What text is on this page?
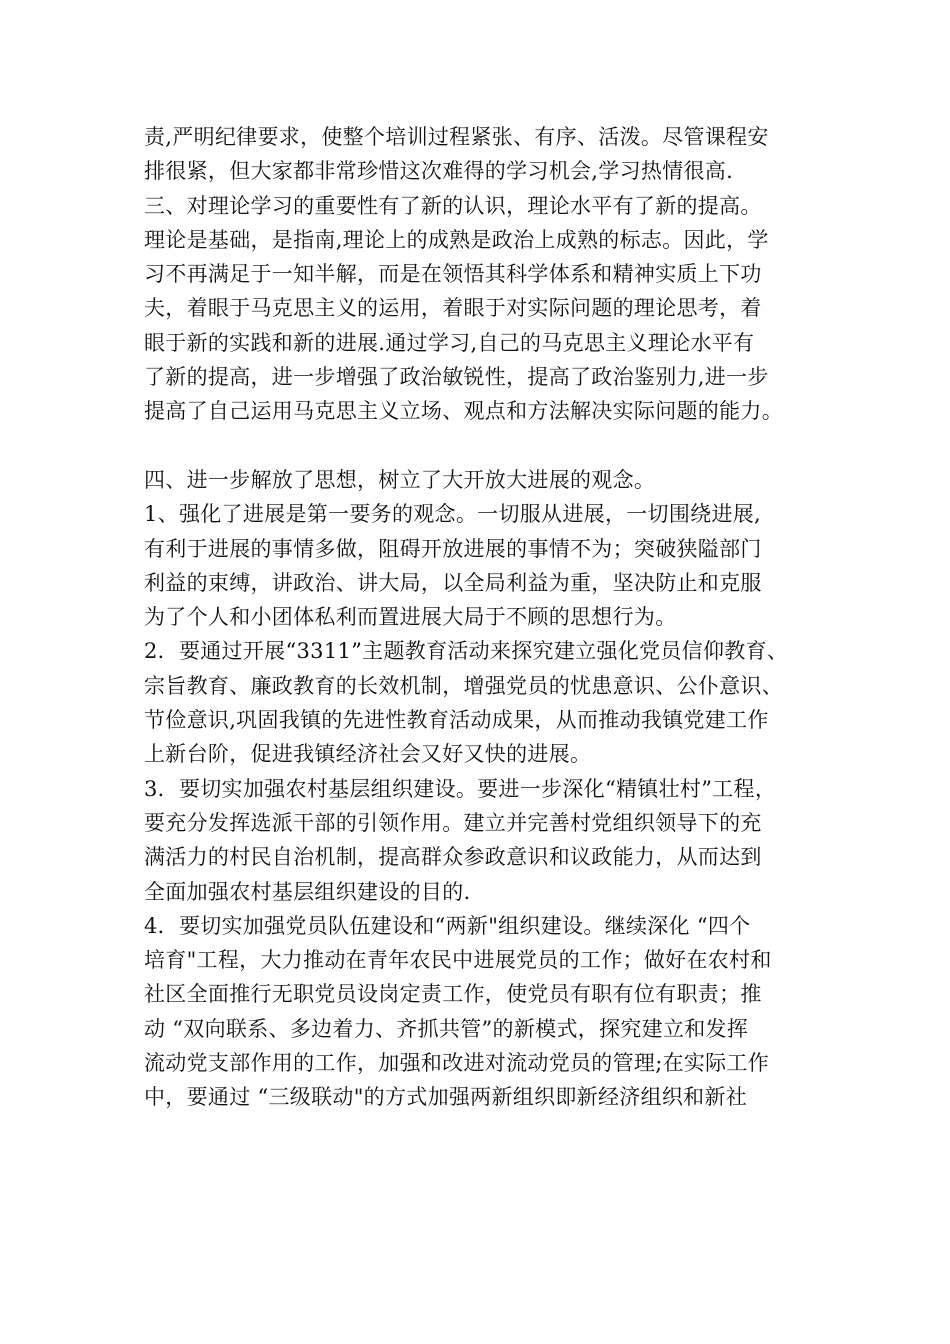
责,严明纪律要求，使整个培训过程紧张、有序、活泼。尽管课程安
排很紧，但大家都非常珍惜这次难得的学习机会,学习热情很高.
三、对理论学习的重要性有了新的认识，理论水平有了新的提高。
理论是基础，是指南,理论上的成熟是政治上成熟的标志。因此，学
习不再满足于一知半解，而是在领悟其科学体系和精神实质上下功
夫，着眼于马克思主义的运用，着眼于对实际问题的理论思考，着
眼于新的实践和新的进展.通过学习,自己的马克思主义理论水平有
了新的提高，进一步增强了政治敏锐性，提高了政治鉴别力,进一步
提高了自己运用马克思主义立场、观点和方法解决实际问题的能力。
四、进一步解放了思想，树立了大开放大进展的观念。
1、强化了进展是第一要务的观念。一切服从进展，一切围绕进展,
有利于进展的事情多做，阻碍开放进展的事情不为；突破狭隘部门
利益的束缚，讲政治、讲大局，以全局利益为重，坚决防止和克服
为了个人和小团体私利而置进展大局于不顾的思想行为。
2．要通过开展“3311”主题教育活动来探究建立强化党员信仰教育、
宗旨教育、廉政教育的长效机制，增强党员的忧患意识、公仆意识、
节俭意识,巩固我镇的先进性教育活动成果，从而推动我镇党建工作
上新台阶，促进我镇经济社会又好又快的进展。
3．要切实加强农村基层组织建设。要进一步深化“精镇壮村”工程，
要充分发挥选派干部的引领作用。建立并完善村党组织领导下的充
满活力的村民自治机制，提高群众参政意识和议政能力，从而达到
全面加强农村基层组织建设的目的.
4．要切实加强党员队伍建设和“两新"组织建设。继续深化 “四个
培育"工程，大力推动在青年农民中进展党员的工作；做好在农村和
社区全面推行无职党员设岗定责工作，使党员有职有位有职责；推
动 “双向联系、多边着力、齐抓共管”的新模式，探究建立和发挥
流动党支部作用的工作，加强和改进对流动党员的管理;在实际工作
中，要通过 “三级联动"的方式加强两新组织即新经济组织和新社
